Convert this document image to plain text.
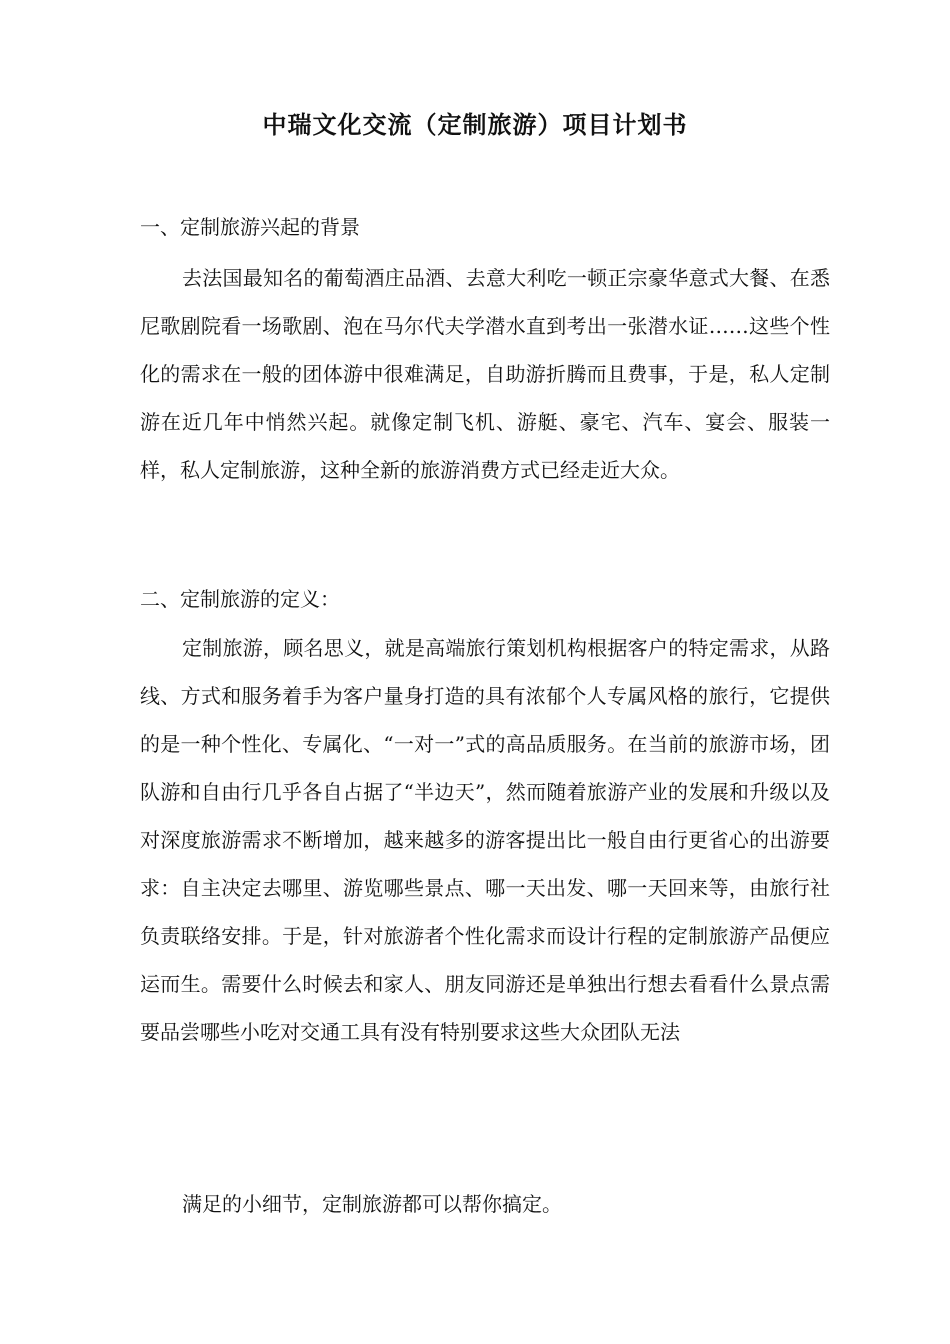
中瑞文化交流（定制旅游）项目计划书
一、定制旅游兴起的背景

去法国最知名的葡萄酒庄品酒、去意大利吃一顿正宗豪华意式大餐、在悉尼歌剧院看一场歌剧、泡在马尔代夫学潜水直到考出一张潜水证……这些个性化的需求在一般的团体游中很难满足，自助游折腾而且费事，于是，私人定制游在近几年中悄然兴起。就像定制飞机、游艇、豪宅、汽车、宴会、服装一样，私人定制旅游，这种全新的旅游消费方式已经走近大众。

二、定制旅游的定义：

定制旅游，顾名思义，就是高端旅行策划机构根据客户的特定需求，从路线、方式和服务着手为客户量身打造的具有浓郁个人专属风格的旅行，它提供的是一种个性化、专属化、“一对一”式的高品质服务。在当前的旅游市场，团队游和自由行几乎各自占据了“半边天”，然而随着旅游产业的发展和升级以及对深度旅游需求不断增加，越来越多的游客提出比一般自由行更省心的出游要求：自主决定去哪里、游览哪些景点、哪一天出发、哪一天回来等，由旅行社负责联络安排。于是，针对旅游者个性化需求而设计行程的定制旅游产品便应运而生。需要什么时候去和家人、朋友同游还是单独出行想去看看什么景点需要品尝哪些小吃对交通工具有没有特别要求这些大众团队无法

满足的小细节，定制旅游都可以帮你搞定。
